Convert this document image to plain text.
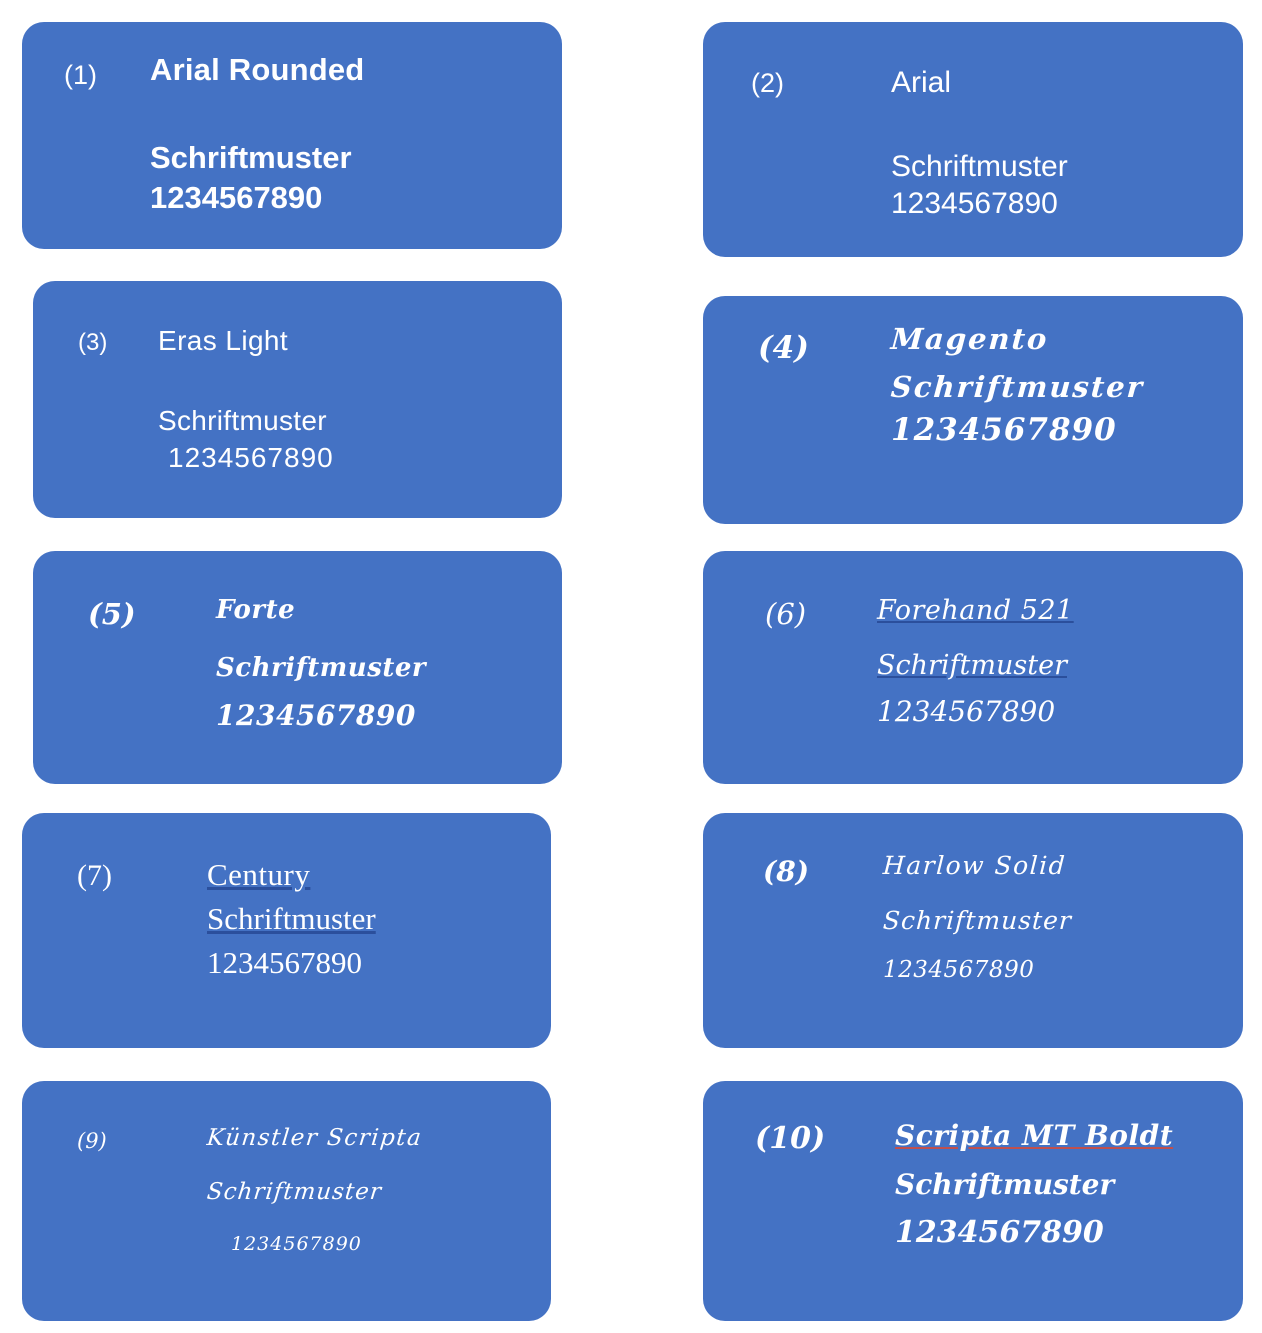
(1)	Arial Rounded
Schriftmuster
1234567890
(2)	Arial
Schriftmuster
1234567890
(3)	Eras Light
Schriftmuster
1234567890
(4)	Magento
Schriftmuster
1234567890
(5)	Forte
Schriftmuster
1234567890
(6)	Forehand 521
Schriftmuster
1234567890
(7)	Century
Schriftmuster
1234567890
(8)	Harlow Solid
Schriftmuster
1234567890
(9)	Künstler Scripta
Schriftmuster
1234567890
(10)	Scripta MT Boldt
Schriftmuster
1234567890
